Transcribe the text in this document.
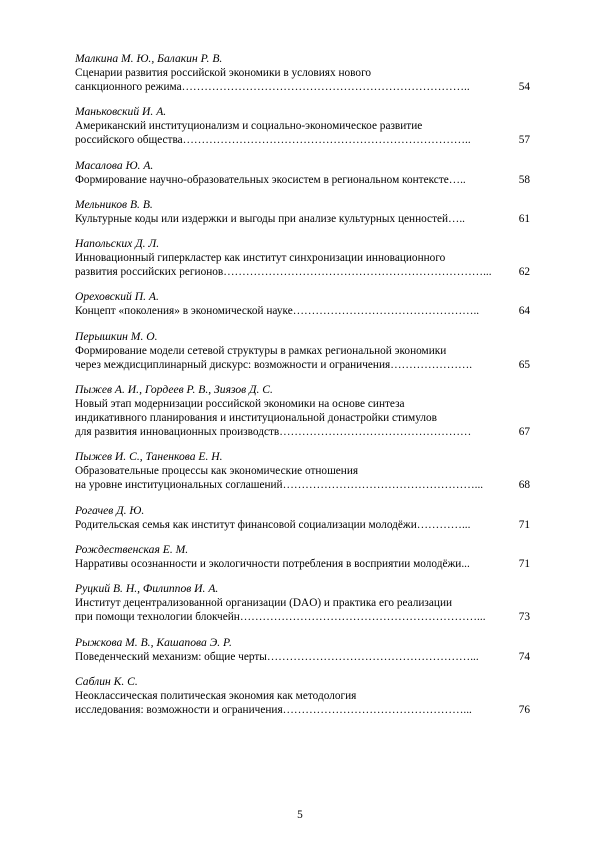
Малкина М. Ю., Балакин Р. В.
Сценарии развития российской экономики в условиях нового
санкционного режима…………………………………………………………………..	54
Маньковский И. А.
Американский институционализм и социально-экономическое развитие
российского общества…………………………………………………………………..	57
Масалова Ю. А.
Формирование научно-образовательных экосистем в региональном контексте…..	58
Мельников В. В.
Культурные коды или издержки и выгоды при анализе культурных ценностей…..	61
Напольских Д. Л.
Инновационный гиперкластер как институт синхронизации инновационного
развития российских регионов……………………………………………………………...	62
Ореховский П. А.
Концепт «поколения» в экономической науке…………………………………………..	64
Перышкин М. О.
Формирование модели сетевой структуры в рамках региональной экономики
через междисциплинарный дискурс: возможности и ограничения………………….	65
Пыжев А. И., Гордеев Р. В., Зиязов Д. С.
Новый этап модернизации российской экономики на основе синтеза
индикативного планирования и институциональной донастройки стимулов
для развития инновационных производств……………………………………………	67
Пыжев И. С., Таненкова Е. Н.
Образовательные процессы как экономические отношения
на уровне институциональных соглашений……………………………………………...	68
Рогачев Д. Ю.
Родительская семья как институт финансовой социализации молодёжи…………...	71
Рождественская Е. М.
Нарративы осознанности и экологичности потребления в восприятии молодёжи...	71
Руцкий В. Н., Филиппов И. А.
Институт децентрализованной организации (DAO) и практика его реализации
при помощи технологии блокчейн………………………………………………………...	73
Рыжкова М. В., Кашапова Э. Р.
Поведенческий механизм: общие черты………………………………………………...	74
Саблин К. С.
Неоклассическая политическая экономия как методология
исследования: возможности и ограничения…………………………………………...	76
5
